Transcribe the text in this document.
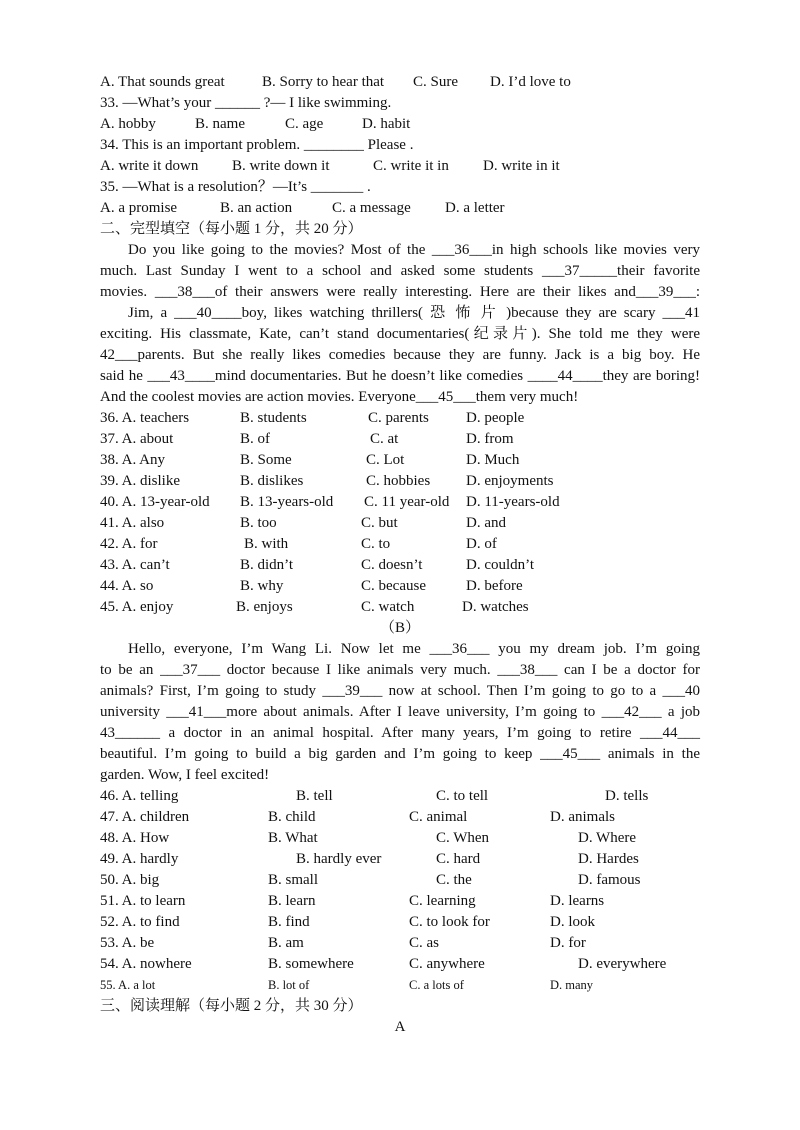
A. That sounds great B. Sorry to hear that C. Sure D. I’d love to
33. —What’s your ______ ?— I like swimming.
A. hobby	B. name	C. age	D. habit
34. This is an important problem. ________ Please .
A. write it down B. write down it	C. write it in D. write in it
35. —What is a resolution？—It’s _______ .
A. a promise	B. an action	C. a message D. a letter
二、完型填空（每小题 1 分，共 20 分）
Do you like going to the movies? Most of the ___36___in high schools like movies very
much. Last Sunday I went to a school and asked some students ___37_____their favorite
movies. ___38___of their answers were really interesting. Here are their likes and___39___:
Jim, a ___40____boy, likes watching thrillers( 恐 怖 片 )because they are scary ___41
exciting. His classmate, Kate, can’t stand documentaries(纪录片). She told me they were
42___parents. But she really likes comedies because they are funny. Jack is a big boy. He
said he ___43____mind documentaries. But he doesn’t like comedies ____44____they are boring!
And the coolest movies are action movies. Everyone___45___them very much!
36. A. teachers	B. students	C. parents D. people
37. A. about	B. of	C. at	D. from
38. A. Any	B. Some	C. Lot	D. Much
39. A. dislike	B. dislikes	C. hobbies D. enjoyments
40. A. 13-year-old B. 13-years-old C. 11 year-old D. 11-years-old
41. A. also	B. too	C. but	D. and
42. A. for	B. with	C. to	D. of
43. A. can’t	B. didn’t	C. doesn’t	D. couldn’t
44. A. so	B. why	C. because	D. before
45. A. enjoy	B. enjoys	C. watch	D. watches
（B）
Hello, everyone, I’m Wang Li. Now let me ___36___ you my dream job. I’m going
to be an ___37___ doctor because I like animals very much. ___38___ can I be a doctor for
animals? First, I’m going to study ___39___ now at school. Then I’m going to go to a ___40
university ___41___more about animals. After I leave university, I’m going to ___42___ a job
43______ a doctor in an animal hospital. After many years, I’m going to retire ___44___
beautiful. I’m going to build a big garden and I’m going to keep ___45___ animals in the
garden. Wow, I feel excited!
46. A. telling	B. tell	C. to tell	D. tells
47. A. children	B. child	C. animal	D. animals
48. A. How	B. What	C. When	D. Where
49. A. hardly	B. hardly ever	C. hard	D. Hardes
50. A. big	B. small	C. the	D. famous
51. A. to learn	B. learn	C. learning	D. learns
52. A. to find	B. find	C. to look for	D. look
53. A. be	B. am	C. as	D. for
54. A. nowhere	B. somewhere	C. anywhere	D. everywhere
55. A. a lot	B. lot of	C. a lots of	D. many
三、阅读理解（每小题 2 分，共 30 分）
A
